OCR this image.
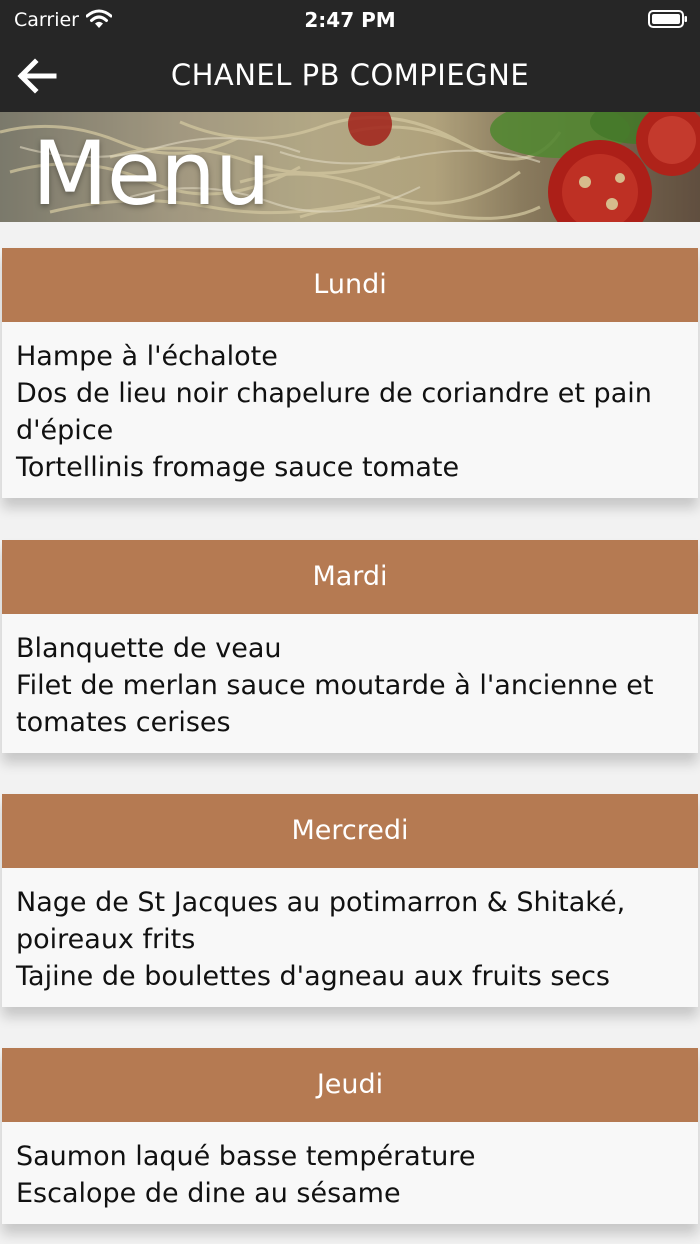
Carrier	2:47 PM
CHANEL PB COMPIEGNE
Menu
Lundi
Hampe à l'échalote
Dos de lieu noir chapelure de coriandre et pain d'épice
Tortellinis fromage sauce tomate
Mardi
Blanquette de veau
Filet de merlan sauce moutarde à l'ancienne et tomates cerises
Mercredi
Nage de St Jacques au potimarron & Shitaké, poireaux frits
Tajine de boulettes d'agneau aux fruits secs
Jeudi
Saumon laqué basse température
Escalope de dine au sésame
